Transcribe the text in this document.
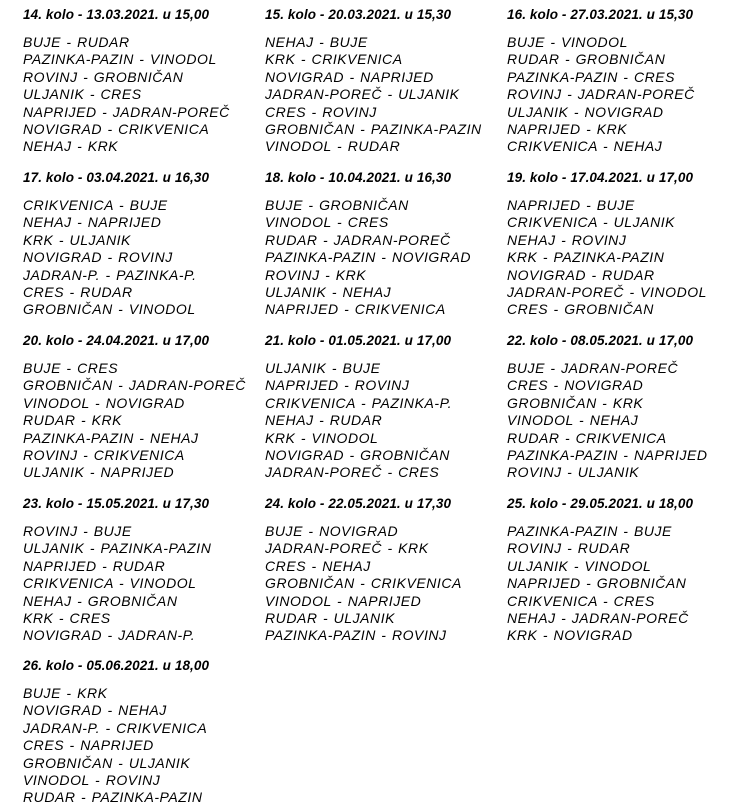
14. kolo - 13.03.2021. u 15,00
BUJE - RUDAR
PAZINKA-PAZIN - VINODOL
ROVINJ - GROBNIČAN
ULJANIK - CRES
NAPRIJED - JADRAN-POREČ
NOVIGRAD - CRIKVENICA
NEHAJ - KRK
15. kolo - 20.03.2021. u 15,30
NEHAJ - BUJE
KRK - CRIKVENICA
NOVIGRAD - NAPRIJED
JADRAN-POREČ - ULJANIK
CRES - ROVINJ
GROBNIČAN - PAZINKA-PAZIN
VINODOL - RUDAR
16. kolo - 27.03.2021. u 15,30
BUJE - VINODOL
RUDAR - GROBNIČAN
PAZINKA-PAZIN - CRES
ROVINJ - JADRAN-POREČ
ULJANIK - NOVIGRAD
NAPRIJED - KRK
CRIKVENICA - NEHAJ
17. kolo - 03.04.2021. u 16,30
CRIKVENICA - BUJE
NEHAJ - NAPRIJED
KRK - ULJANIK
NOVIGRAD - ROVINJ
JADRAN-P. - PAZINKA-P.
CRES - RUDAR
GROBNIČAN - VINODOL
18. kolo - 10.04.2021. u 16,30
BUJE - GROBNIČAN
VINODOL - CRES
RUDAR - JADRAN-POREČ
PAZINKA-PAZIN - NOVIGRAD
ROVINJ - KRK
ULJANIK - NEHAJ
NAPRIJED - CRIKVENICA
19. kolo - 17.04.2021. u 17,00
NAPRIJED - BUJE
CRIKVENICA - ULJANIK
NEHAJ - ROVINJ
KRK - PAZINKA-PAZIN
NOVIGRAD - RUDAR
JADRAN-POREČ - VINODOL
CRES - GROBNIČAN
20. kolo - 24.04.2021. u 17,00
BUJE - CRES
GROBNIČAN - JADRAN-POREČ
VINODOL - NOVIGRAD
RUDAR - KRK
PAZINKA-PAZIN - NEHAJ
ROVINJ - CRIKVENICA
ULJANIK - NAPRIJED
21. kolo - 01.05.2021. u 17,00
ULJANIK - BUJE
NAPRIJED - ROVINJ
CRIKVENICA - PAZINKA-P.
NEHAJ - RUDAR
KRK - VINODOL
NOVIGRAD - GROBNIČAN
JADRAN-POREČ - CRES
22. kolo - 08.05.2021. u 17,00
BUJE - JADRAN-POREČ
CRES - NOVIGRAD
GROBNIČAN - KRK
VINODOL - NEHAJ
RUDAR - CRIKVENICA
PAZINKA-PAZIN - NAPRIJED
ROVINJ - ULJANIK
23. kolo - 15.05.2021. u 17,30
ROVINJ - BUJE
ULJANIK - PAZINKA-PAZIN
NAPRIJED - RUDAR
CRIKVENICA - VINODOL
NEHAJ - GROBNIČAN
KRK - CRES
NOVIGRAD - JADRAN-P.
24. kolo - 22.05.2021. u 17,30
BUJE - NOVIGRAD
JADRAN-POREČ - KRK
CRES - NEHAJ
GROBNIČAN - CRIKVENICA
VINODOL - NAPRIJED
RUDAR - ULJANIK
PAZINKA-PAZIN - ROVINJ
25. kolo - 29.05.2021. u 18,00
PAZINKA-PAZIN - BUJE
ROVINJ - RUDAR
ULJANIK - VINODOL
NAPRIJED - GROBNIČAN
CRIKVENICA - CRES
NEHAJ - JADRAN-POREČ
KRK - NOVIGRAD
26. kolo - 05.06.2021. u 18,00
BUJE - KRK
NOVIGRAD - NEHAJ
JADRAN-P. - CRIKVENICA
CRES - NAPRIJED
GROBNIČAN - ULJANIK
VINODOL - ROVINJ
RUDAR - PAZINKA-PAZIN
